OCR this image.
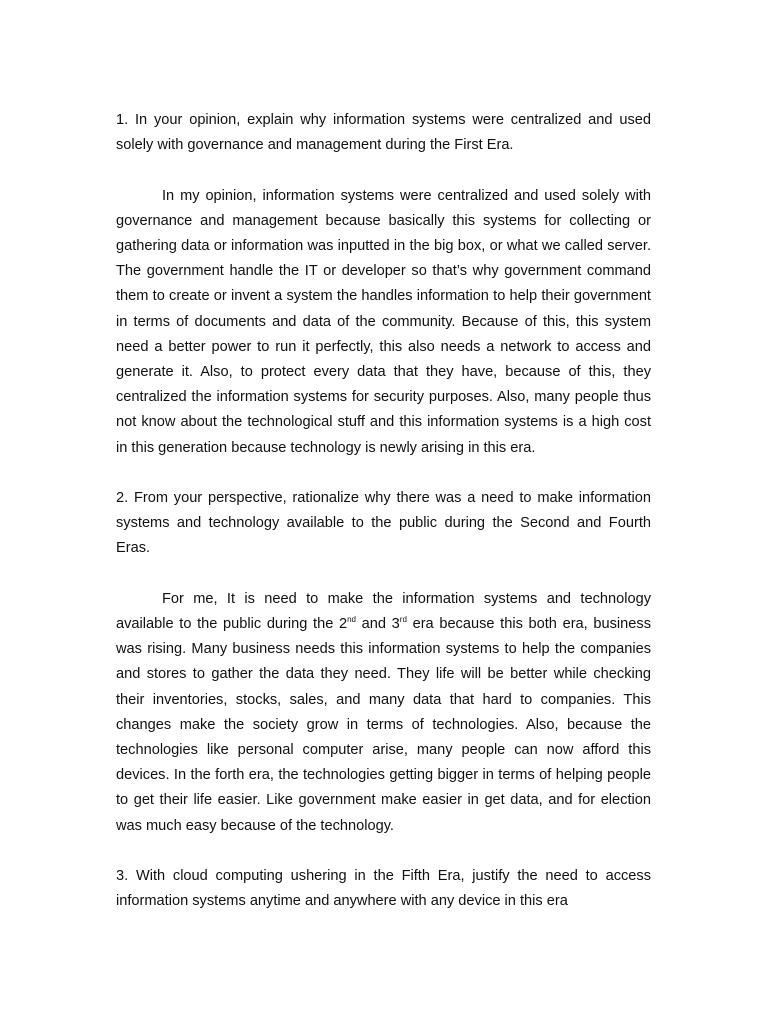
1. In your opinion, explain why information systems were centralized and used solely with governance and management during the First Era.

In my opinion, information systems were centralized and used solely with governance and management because basically this systems for collecting or gathering data or information was inputted in the big box, or what we called server. The government handle the IT or developer so that’s why government command them to create or invent a system the handles information to help their government in terms of documents and data of the community. Because of this, this system need a better power to run it perfectly, this also needs a network to access and generate it. Also, to protect every data that they have, because of this, they centralized the information systems for security purposes. Also, many people thus not know about the technological stuff and this information systems is a high cost in this generation because technology is newly arising in this era.

2. From your perspective, rationalize why there was a need to make information systems and technology available to the public during the Second and Fourth Eras.

For me, It is need to make the information systems and technology available to the public during the 2nd and 3rd era because this both era, business was rising. Many business needs this information systems to help the companies and stores to gather the data they need. They life will be better while checking their inventories, stocks, sales, and many data that hard to companies. This changes make the society grow in terms of technologies. Also, because the technologies like personal computer arise, many people can now afford this devices. In the forth era, the technologies getting bigger in terms of helping people to get their life easier. Like government make easier in get data, and for election was much easy because of the technology.

3. With cloud computing ushering in the Fifth Era, justify the need to access information systems anytime and anywhere with any device in this era
